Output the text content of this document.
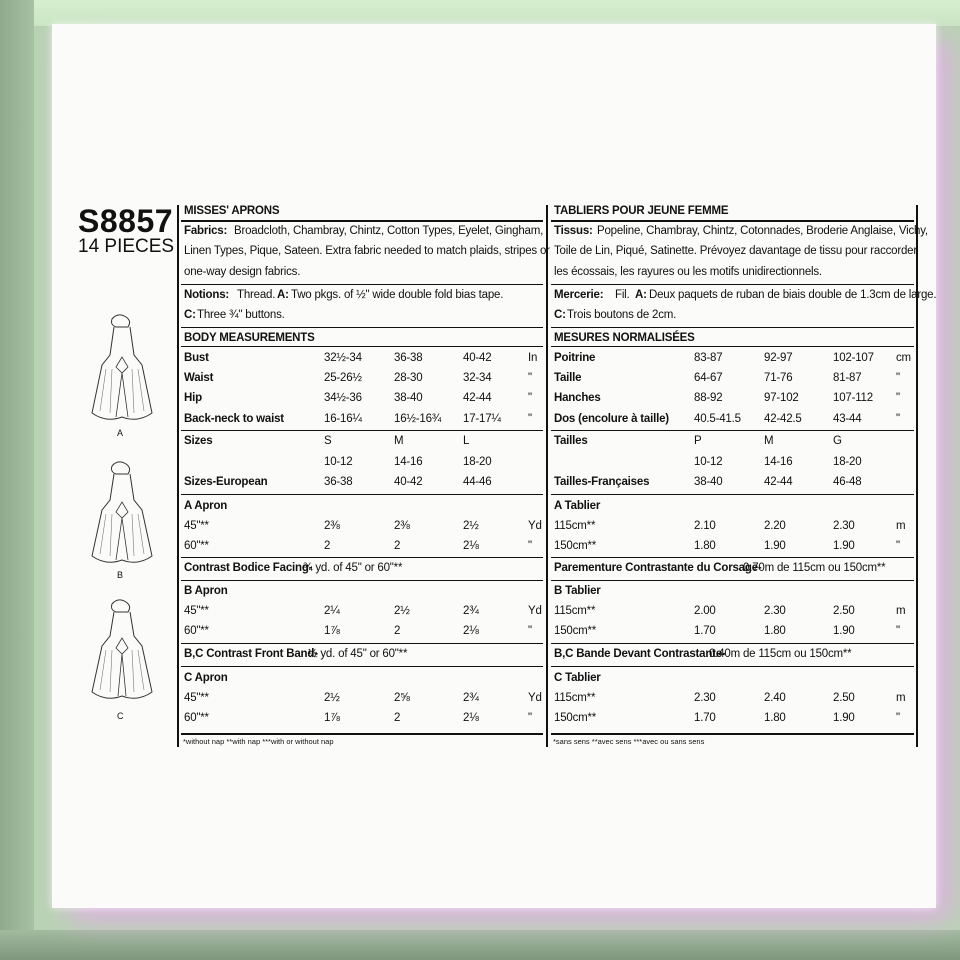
S8857
14 PIECES
A
B
C
MISSES' APRONS
Fabrics: Broadcloth, Chambray, Chintz, Cotton Types, Eyelet, Gingham,
Linen Types, Pique, Sateen. Extra fabric needed to match plaids, stripes or
one-way design fabrics.
Notions: Thread. A: Two pkgs. of ½" wide double fold bias tape.
C: Three ¾" buttons.
BODY MEASUREMENTS
Bust	32½-34	36-38	40-42	In
Waist	25-26½	28-30	32-34	"
Hip	34½-36	38-40	42-44	"
Back-neck to waist	16-16¼	16½-16¾ 17-17¼ "
Sizes	S	M	L
10-12	14-16	18-20
Sizes-European	36-38	40-42	44-46
A Apron
45"**	2⅜	2⅜	2½	Yd
60"**	2	2	2⅛	"
Contrast Bodice Facing-
¾ yd. of 45" or 60"**
B Apron
45"**	2¼	2½	2¾	Yd
60"**	1⅞	2	2⅛	"
B,C Contrast Front Band-
½ yd. of 45" or 60"**
C Apron
45"**	2½	2⅝	2¾	Yd
60"**	1⅞	2	2⅛	"
*without nap **with nap ***with or without nap
TABLIERS POUR JEUNE FEMME
Tissus: Popeline, Chambray, Chintz, Cotonnades, Broderie Anglaise, Vichy,
Toile de Lin, Piqué, Satinette. Prévoyez davantage de tissu pour raccorder
les écossais, les rayures ou les motifs unidirectionnels.
Mercerie: Fil. A: Deux paquets de ruban de biais double de 1.3cm de large.
C: Trois boutons de 2cm.
MESURES NORMALISÉES
Poitrine	83-87	92-97	102-107 cm
Taille	64-67	71-76	81-87	"
Hanches	88-92	97-102	107-112 "
Dos (encolure à taille) 40.5-41.5 42-42.5	43-44	"
Tailles	P	M	G
10-12	14-16	18-20
Tailles-Françaises	38-40	42-44	46-48
A Tablier
115cm**	2.10	2.20	2.30	m
150cm**	1.80	1.90	1.90	"
Parementure Contrastante du Corsage-
0.70m de 115cm ou 150cm**
B Tablier
115cm**	2.00	2.30	2.50	m
150cm**	1.70	1.80	1.90	"
B,C Bande Devant Contrastante-
0.40m de 115cm ou 150cm**
C Tablier
115cm**	2.30	2.40	2.50	m
150cm**	1.70	1.80	1.90	"
*sans sens **avec sens ***avec ou sans sens
